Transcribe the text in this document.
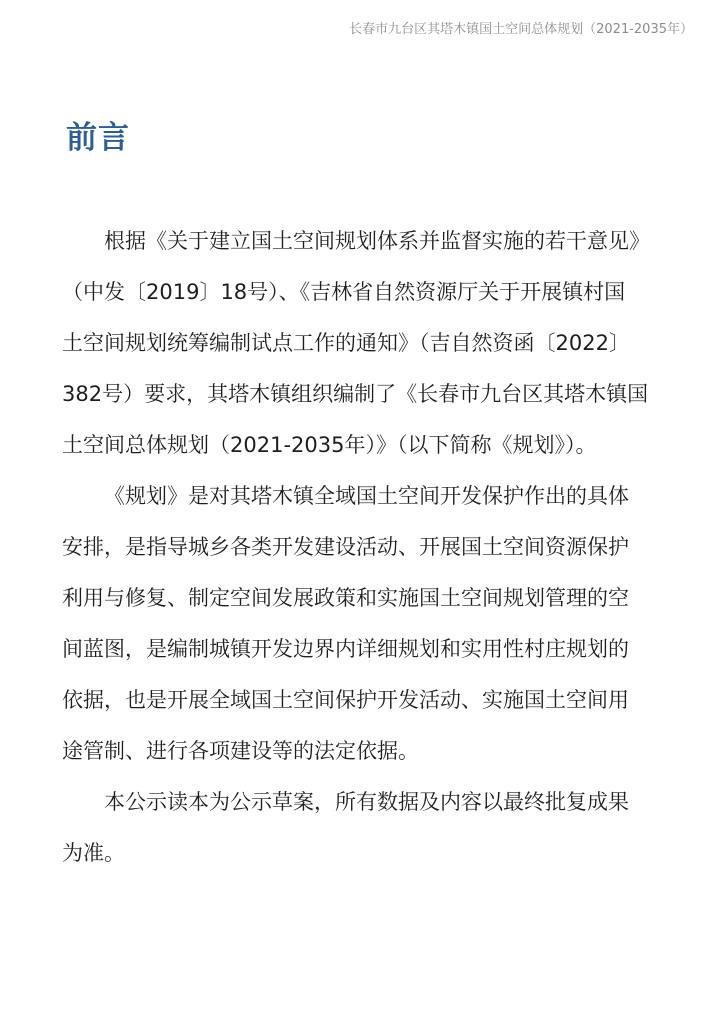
长春市九台区其塔木镇国土空间总体规划（2021-2035年）
前言

根据《关于建立国土空间规划体系并监督实施的若干意见》
（中发〔2019〕18号）、《吉林省自然资源厅关于开展镇村国
土空间规划统筹编制试点工作的通知》（吉自然资函〔2022〕
382号）要求，其塔木镇组织编制了《长春市九台区其塔木镇国
土空间总体规划（2021-2035年）》（以下简称《规划》）。

《规划》是对其塔木镇全域国土空间开发保护作出的具体
安排，是指导城乡各类开发建设活动、开展国土空间资源保护
利用与修复、制定空间发展政策和实施国土空间规划管理的空
间蓝图，是编制城镇开发边界内详细规划和实用性村庄规划的
依据，也是开展全域国土空间保护开发活动、实施国土空间用
途管制、进行各项建设等的法定依据。

本公示读本为公示草案，所有数据及内容以最终批复成果
为准。
